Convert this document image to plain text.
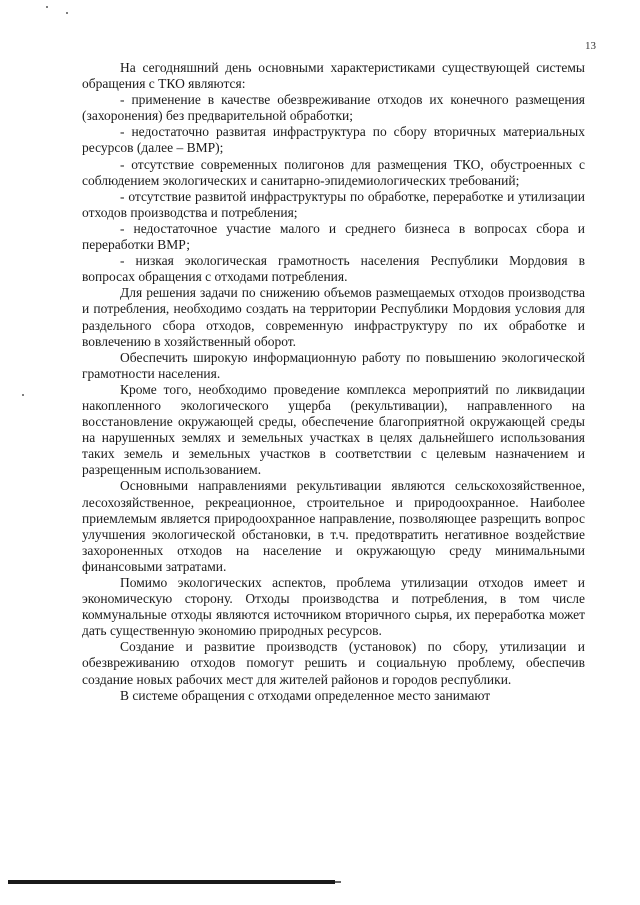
13

На сегодняшний день основными характеристиками существующей системы обращения с ТКО являются:

- применение в качестве обезвреживание отходов их конечного размещения (захоронения) без предварительной обработки;

- недостаточно развитая инфраструктура по сбору вторичных материальных ресурсов (далее – ВМР);

- отсутствие современных полигонов для размещения ТКО, обустроенных с соблюдением экологических и санитарно-эпидемиологических требований;

- отсутствие развитой инфраструктуры по обработке, переработке и утилизации отходов производства и потребления;

- недостаточное участие малого и среднего бизнеса в вопросах сбора и переработки ВМР;

- низкая экологическая грамотность населения Республики Мордовия в вопросах обращения с отходами потребления.

Для решения задачи по снижению объемов размещаемых отходов производства и потребления, необходимо создать на территории Республики Мордовия условия для раздельного сбора отходов, современную инфраструктуру по их обработке и вовлечению в хозяйственный оборот.

Обеспечить широкую информационную работу по повышению экологической грамотности населения.

Кроме того, необходимо проведение комплекса мероприятий по ликвидации накопленного экологического ущерба (рекультивации), направленного на восстановление окружающей среды, обеспечение благоприятной окружающей среды на нарушенных землях и земельных участках в целях дальнейшего использования таких земель и земельных участков в соответствии с целевым назначением и разрещенным использованием.

Основными направлениями рекультивации являются сельскохозяйственное, лесохозяйственное, рекреационное, строительное и природоохранное. Наиболее приемлемым является природоохранное направление, позволяющее разрещить вопрос улучшения экологической обстановки, в т.ч. предотвратить негативное воздействие захороненных отходов на население и окружающую среду минимальными финансовыми затратами.

Помимо экологических аспектов, проблема утилизации отходов имеет и экономическую сторону. Отходы производства и потребления, в том числе коммунальные отходы являются источником вторичного сырья, их переработка может дать существенную экономию природных ресурсов.

Создание и развитие производств (установок) по сбору, утилизации и обезвреживанию отходов помогут решить и социальную проблему, обеспечив создание новых рабочих мест для жителей районов и городов республики.

В системе обращения с отходами определенное место занимают
